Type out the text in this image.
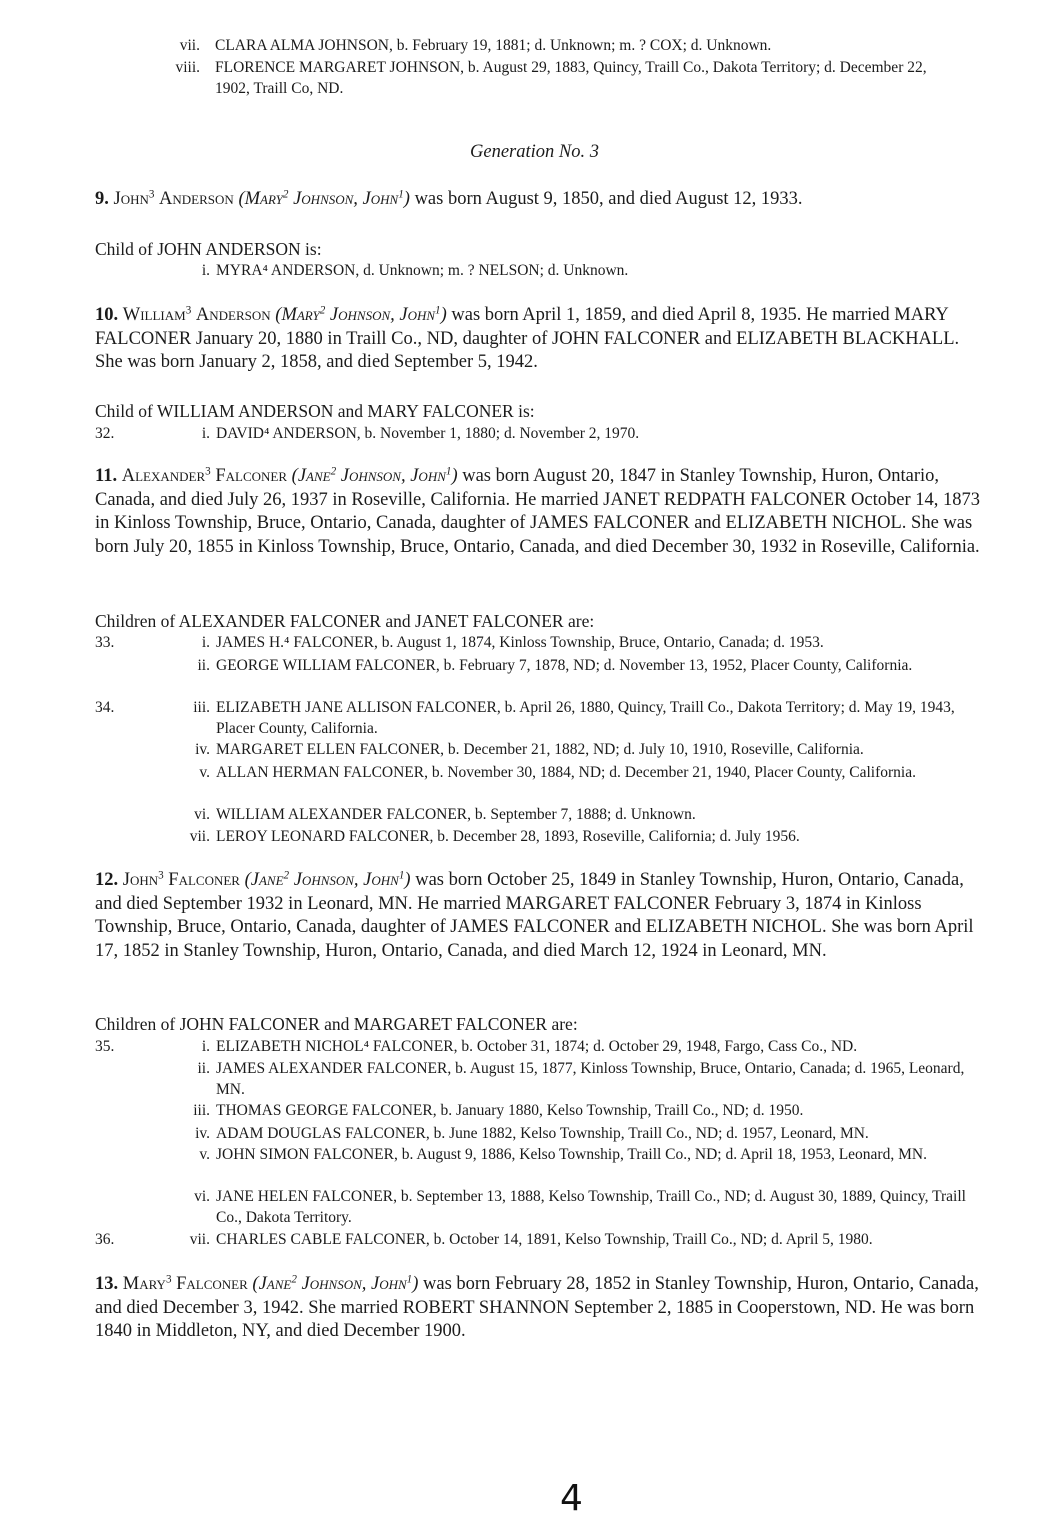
vii. CLARA ALMA JOHNSON, b. February 19, 1881; d. Unknown; m. ? COX; d. Unknown.
viii. FLORENCE MARGARET JOHNSON, b. August 29, 1883, Quincy, Traill Co., Dakota Territory; d. December 22, 1902, Traill Co, ND.
Generation No. 3
9. John$^3$ Anderson (Mary$^2$ Johnson, John$^1$) was born August 9, 1850, and died August 12, 1933.
Child of JOHN ANDERSON is:
i. MYRA⁴ ANDERSON, d. Unknown; m. ? NELSON; d. Unknown.
10. William$^3$ Anderson (Mary$^2$ Johnson, John$^1$) was born April 1, 1859, and died April 8, 1935. He married MARY FALCONER January 20, 1880 in Traill Co., ND, daughter of JOHN FALCONER and ELIZABETH BLACKHALL. She was born January 2, 1858, and died September 5, 1942.
Child of WILLIAM ANDERSON and MARY FALCONER is:
32.	i. DAVID⁴ ANDERSON, b. November 1, 1880; d. November 2, 1970.
11. Alexander$^3$ Falconer (Jane$^2$ Johnson, John$^1$) was born August 20, 1847 in Stanley Township, Huron, Ontario, Canada, and died July 26, 1937 in Roseville, California. He married JANET REDPATH FALCONER October 14, 1873 in Kinloss Township, Bruce, Ontario, Canada, daughter of JAMES FALCONER and ELIZABETH NICHOL. She was born July 20, 1855 in Kinloss Township, Bruce, Ontario, Canada, and died December 30, 1932 in Roseville, California.
Children of ALEXANDER FALCONER and JANET FALCONER are:
33.	i. JAMES H.⁴ FALCONER, b. August 1, 1874, Kinloss Township, Bruce, Ontario, Canada; d. 1953.
ii. GEORGE WILLIAM FALCONER, b. February 7, 1878, ND; d. November 13, 1952, Placer County, California.
34.	iii. ELIZABETH JANE ALLISON FALCONER, b. April 26, 1880, Quincy, Traill Co., Dakota Territory; d. May 19, 1943, Placer County, California.
iv. MARGARET ELLEN FALCONER, b. December 21, 1882, ND; d. July 10, 1910, Roseville, California.
v. ALLAN HERMAN FALCONER, b. November 30, 1884, ND; d. December 21, 1940, Placer County, California.
vi. WILLIAM ALEXANDER FALCONER, b. September 7, 1888; d. Unknown.
vii. LEROY LEONARD FALCONER, b. December 28, 1893, Roseville, California; d. July 1956.
12. John$^3$ Falconer (Jane$^2$ Johnson, John$^1$) was born October 25, 1849 in Stanley Township, Huron, Ontario, Canada, and died September 1932 in Leonard, MN. He married MARGARET FALCONER February 3, 1874 in Kinloss Township, Bruce, Ontario, Canada, daughter of JAMES FALCONER and ELIZABETH NICHOL. She was born April 17, 1852 in Stanley Township, Huron, Ontario, Canada, and died March 12, 1924 in Leonard, MN.
Children of JOHN FALCONER and MARGARET FALCONER are:
35.	i. ELIZABETH NICHOL⁴ FALCONER, b. October 31, 1874; d. October 29, 1948, Fargo, Cass Co., ND.
ii. JAMES ALEXANDER FALCONER, b. August 15, 1877, Kinloss Township, Bruce, Ontario, Canada; d. 1965, Leonard, MN.
iii. THOMAS GEORGE FALCONER, b. January 1880, Kelso Township, Traill Co., ND; d. 1950.
iv. ADAM DOUGLAS FALCONER, b. June 1882, Kelso Township, Traill Co., ND; d. 1957, Leonard, MN.
v. JOHN SIMON FALCONER, b. August 9, 1886, Kelso Township, Traill Co., ND; d. April 18, 1953, Leonard, MN.
vi. JANE HELEN FALCONER, b. September 13, 1888, Kelso Township, Traill Co., ND; d. August 30, 1889, Quincy, Traill Co., Dakota Territory.
36.	vii. CHARLES CABLE FALCONER, b. October 14, 1891, Kelso Township, Traill Co., ND; d. April 5, 1980.
13. Mary$^3$ Falconer (Jane$^2$ Johnson, John$^1$) was born February 28, 1852 in Stanley Township, Huron, Ontario, Canada, and died December 3, 1942. She married ROBERT SHANNON September 2, 1885 in Cooperstown, ND. He was born 1840 in Middleton, NY, and died December 1900.
4
